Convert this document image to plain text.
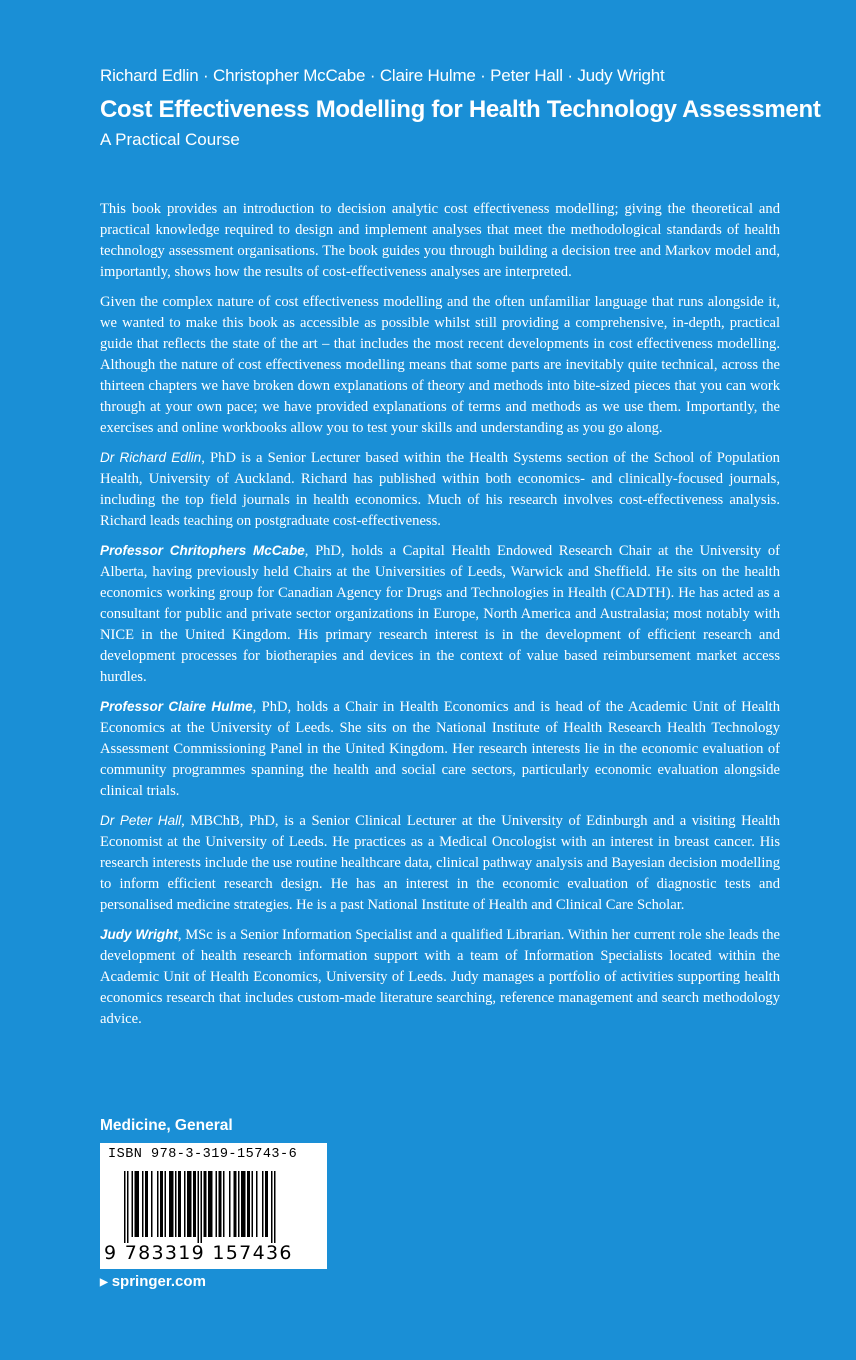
Richard Edlin · Christopher McCabe · Claire Hulme · Peter Hall · Judy Wright
Cost Effectiveness Modelling for Health Technology Assessment
A Practical Course

This book provides an introduction to decision analytic cost effectiveness modelling; giving the theoretical and practical knowledge required to design and implement analyses that meet the methodological standards of health technology assessment organisations. The book guides you through building a decision tree and Markov model and, importantly, shows how the results of cost-effectiveness analyses are interpreted.

Given the complex nature of cost effectiveness modelling and the often unfamiliar language that runs alongside it, we wanted to make this book as accessible as possible whilst still providing a comprehensive, in-depth, practical guide that reflects the state of the art – that includes the most recent developments in cost effectiveness modelling. Although the nature of cost effectiveness modelling means that some parts are inevitably quite technical, across the thirteen chapters we have broken down explanations of theory and methods into bite-sized pieces that you can work through at your own pace; we have provided explanations of terms and methods as we use them. Importantly, the exercises and online workbooks allow you to test your skills and understanding as you go along.

Dr Richard Edlin, PhD is a Senior Lecturer based within the Health Systems section of the School of Population Health, University of Auckland. Richard has published within both economics- and clinically-focused journals, including the top field journals in health economics. Much of his research involves cost-effectiveness analysis. Richard leads teaching on postgraduate cost-effectiveness.

Professor Chritophers McCabe, PhD, holds a Capital Health Endowed Research Chair at the University of Alberta, having previously held Chairs at the Universities of Leeds, Warwick and Sheffield. He sits on the health economics working group for Canadian Agency for Drugs and Technologies in Health (CADTH). He has acted as a consultant for public and private sector organizations in Europe, North America and Australasia; most notably with NICE in the United Kingdom. His primary research interest is in the development of efficient research and development processes for biotherapies and devices in the context of value based reimbursement market access hurdles.

Professor Claire Hulme, PhD, holds a Chair in Health Economics and is head of the Academic Unit of Health Economics at the University of Leeds. She sits on the National Institute of Health Research Health Technology Assessment Commissioning Panel in the United Kingdom. Her research interests lie in the economic evaluation of community programmes spanning the health and social care sectors, particularly economic evaluation alongside clinical trials.

Dr Peter Hall, MBChB, PhD, is a Senior Clinical Lecturer at the University of Edinburgh and a visiting Health Economist at the University of Leeds. He practices as a Medical Oncologist with an interest in breast cancer. His research interests include the use routine healthcare data, clinical pathway analysis and Bayesian decision modelling to inform efficient research design. He has an interest in the economic evaluation of diagnostic tests and personalised medicine strategies. He is a past National Institute of Health and Clinical Care Scholar.

Judy Wright, MSc is a Senior Information Specialist and a qualified Librarian. Within her current role she leads the development of health research information support with a team of Information Specialists located within the Academic Unit of Health Economics, University of Leeds. Judy manages a portfolio of activities supporting health economics research that includes custom-made literature searching, reference management and search methodology advice.

Medicine, General
ISBN 978-3-319-15743-6
9 783319 157436
▶ springer.com
